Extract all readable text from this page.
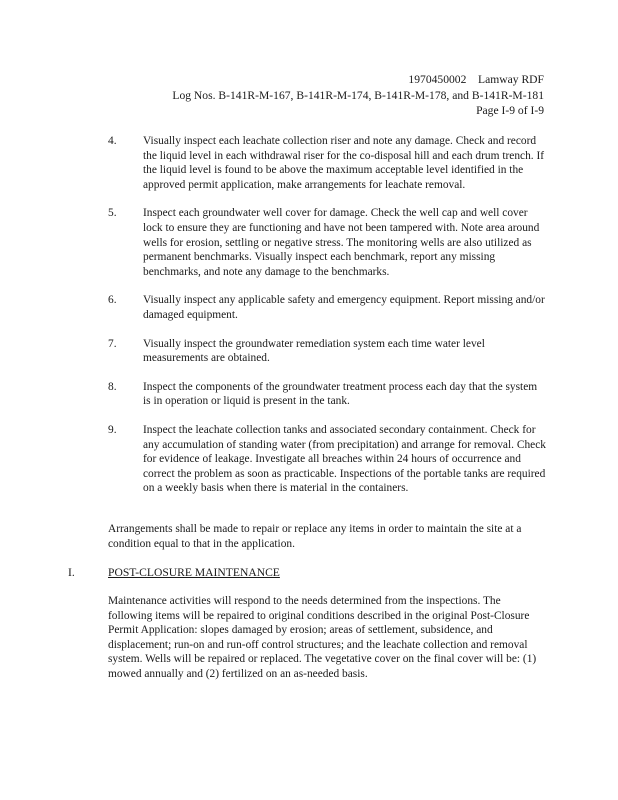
1970450002    Lamway RDF
Log Nos. B-141R-M-167, B-141R-M-174, B-141R-M-178, and B-141R-M-181
Page I-9 of I-9
4.	Visually inspect each leachate collection riser and note any damage. Check and record the liquid level in each withdrawal riser for the co-disposal hill and each drum trench. If the liquid level is found to be above the maximum acceptable level identified in the approved permit application, make arrangements for leachate removal.
5.	Inspect each groundwater well cover for damage. Check the well cap and well cover lock to ensure they are functioning and have not been tampered with. Note area around wells for erosion, settling or negative stress. The monitoring wells are also utilized as permanent benchmarks. Visually inspect each benchmark, report any missing benchmarks, and note any damage to the benchmarks.
6.	Visually inspect any applicable safety and emergency equipment. Report missing and/or damaged equipment.
7.	Visually inspect the groundwater remediation system each time water level measurements are obtained.
8.	Inspect the components of the groundwater treatment process each day that the system is in operation or liquid is present in the tank.
9.	Inspect the leachate collection tanks and associated secondary containment. Check for any accumulation of standing water (from precipitation) and arrange for removal. Check for evidence of leakage. Investigate all breaches within 24 hours of occurrence and correct the problem as soon as practicable. Inspections of the portable tanks are required on a weekly basis when there is material in the containers.
Arrangements shall be made to repair or replace any items in order to maintain the site at a condition equal to that in the application.
I.	POST-CLOSURE MAINTENANCE
Maintenance activities will respond to the needs determined from the inspections. The following items will be repaired to original conditions described in the original Post-Closure Permit Application: slopes damaged by erosion; areas of settlement, subsidence, and displacement; run-on and run-off control structures; and the leachate collection and removal system. Wells will be repaired or replaced. The vegetative cover on the final cover will be: (1) mowed annually and (2) fertilized on an as-needed basis.
